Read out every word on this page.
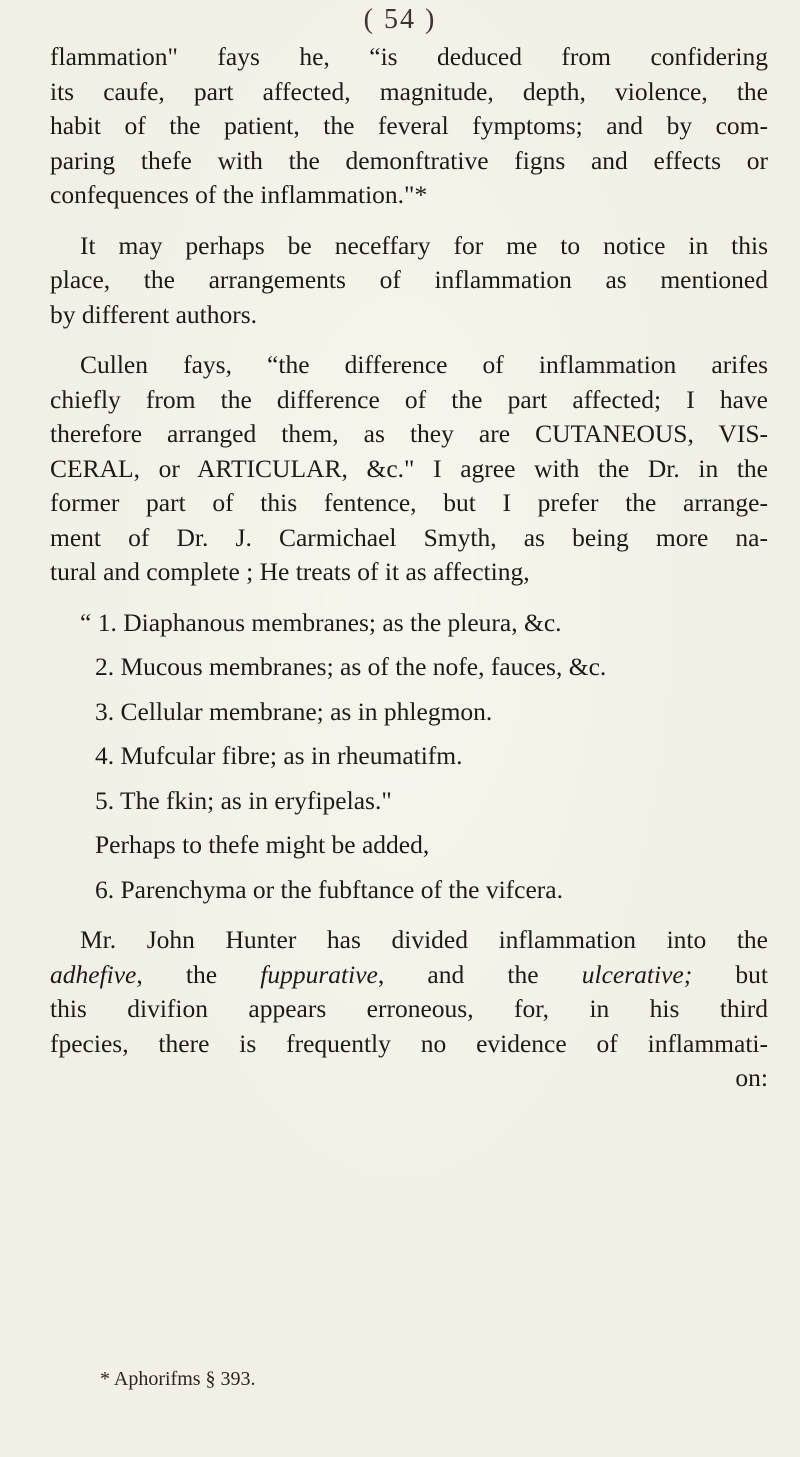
( 54 )
flammation" fays he, “is deduced from confidering
its caufe, part affected, magnitude, depth, violence, the
habit of the patient, the feveral fymptoms; and by com-
paring thefe with the demonftrative figns and effects or
confequences of the inflammation."*
It may perhaps be neceffary for me to notice in this
place, the arrangements of inflammation as mentioned
by different authors.
Cullen fays, “the difference of inflammation arifes
chiefly from the difference of the part affected; I have
therefore arranged them, as they are CUTANEOUS, VIS-
CERAL, or ARTICULAR, &c." I agree with the Dr. in the
former part of this fentence, but I prefer the arrange-
ment of Dr. J. Carmichael Smyth, as being more na-
tural and complete ; He treats of it as affecting,
“ 1. Diaphanous membranes; as the pleura, &c.
2. Mucous membranes; as of the nofe, fauces, &c.
3. Cellular membrane; as in phlegmon.
4. Mufcular fibre; as in rheumatifm.
5. The fkin; as in eryfipelas."
Perhaps to thefe might be added,
6. Parenchyma or the fubftance of the vifcera.
Mr. John Hunter has divided inflammation into the
adhefive, the fuppurative, and the ulcerative; but
this divifion appears erroneous, for, in his third
fpecies, there is frequently no evidence of inflammati-
on:
* Aphorifms § 393.
